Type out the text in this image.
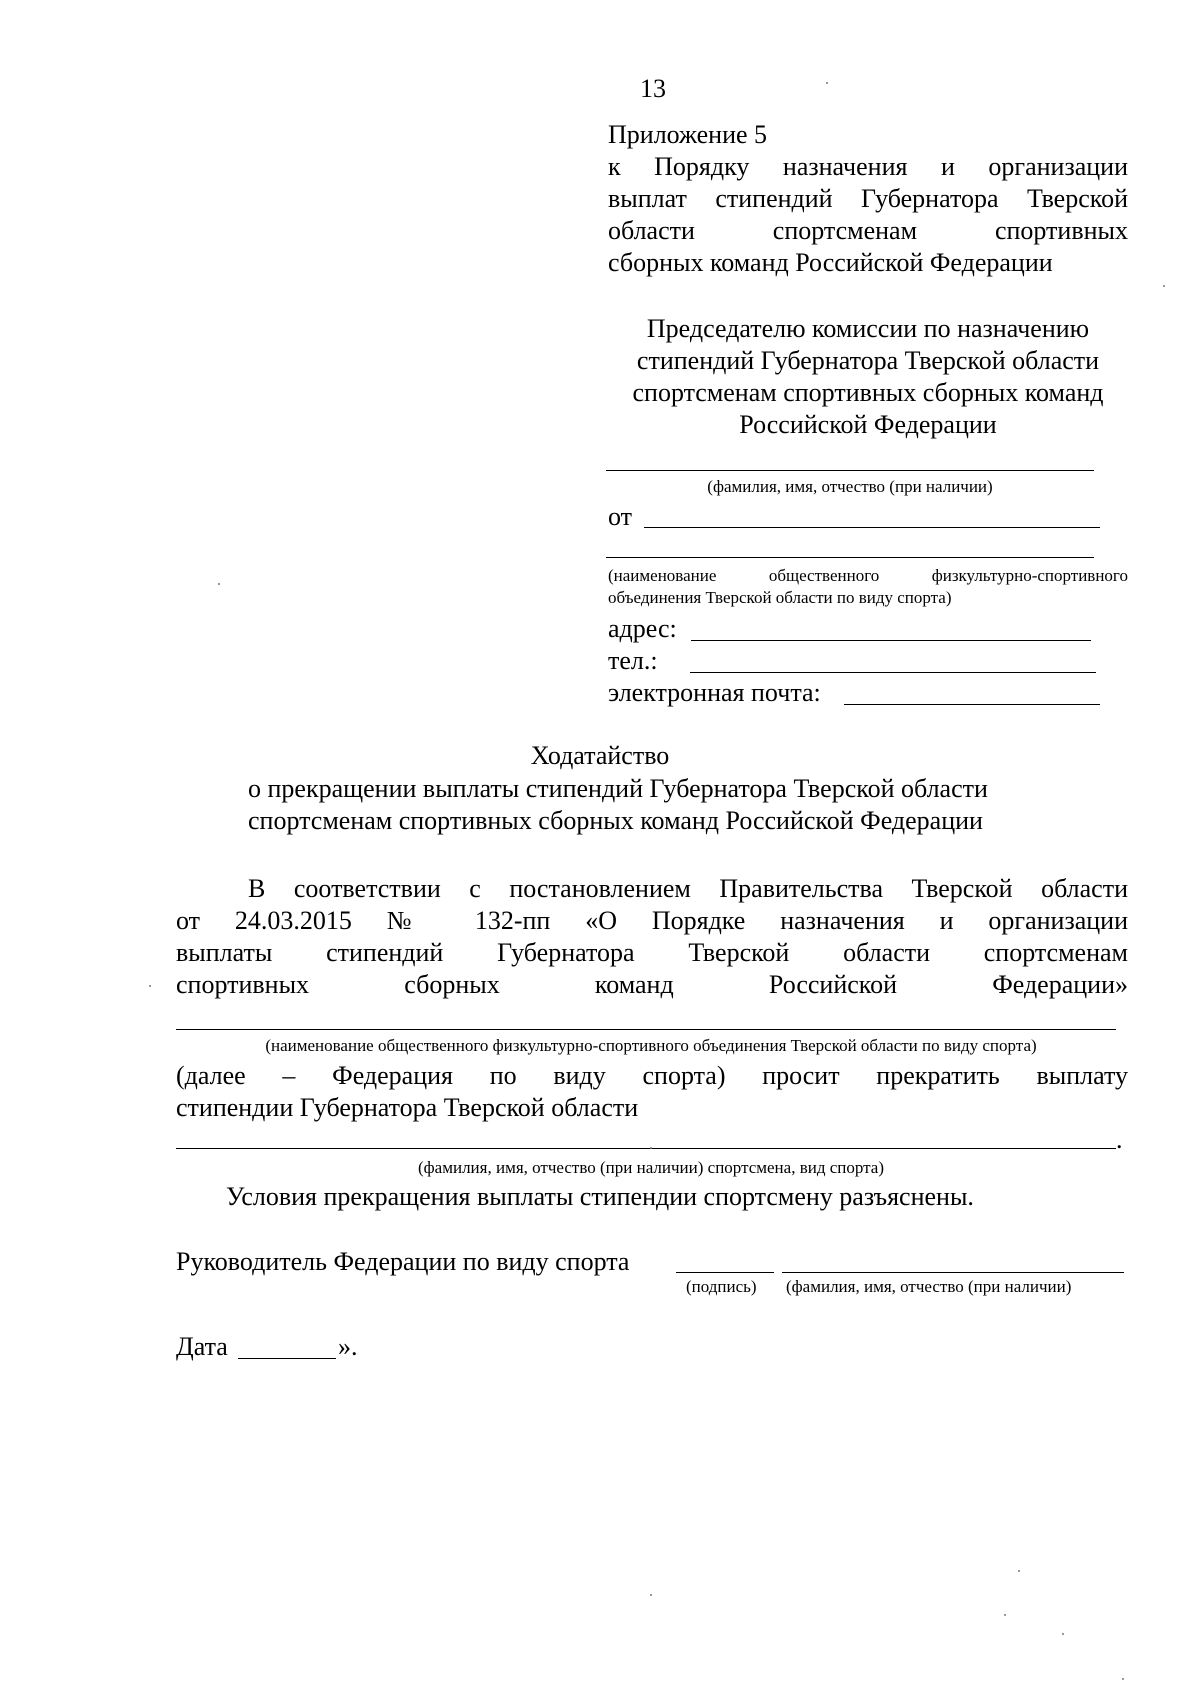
13
Приложение 5
к Порядку назначения и организации
выплат стипендий Губернатора Тверской
области спортсменам спортивных
сборных команд Российской Федерации
Председателю комиссии по назначению
стипендий Губернатора Тверской области
спортсменам спортивных сборных команд
Российской Федерации
(фамилия, имя, отчество (при наличии)
от
(наименование общественного физкультурно-спортивного
объединения Тверской области по виду спорта)
адрес:
тел.:
электронная почта:
Ходатайство
о прекращении выплаты стипендий Губернатора Тверской области
спортсменам спортивных сборных команд Российской Федерации
В соответствии с постановлением Правительства Тверской области
от 24.03.2015 № 132-пп «О Порядке назначения и организации
выплаты стипендий Губернатора Тверской области спортсменам
спортивных сборных команд Российской Федерации»
(наименование общественного физкультурно-спортивного объединения Тверской области по виду спорта)
(далее – Федерация по виду спорта) просит прекратить выплату
стипендии Губернатора Тверской области
.
(фамилия, имя, отчество (при наличии) спортсмена, вид спорта)
Условия прекращения выплаты стипендии спортсмену разъяснены.
Руководитель Федерации по виду спорта
(подпись) (фамилия, имя, отчество (при наличии)
Дата	».
